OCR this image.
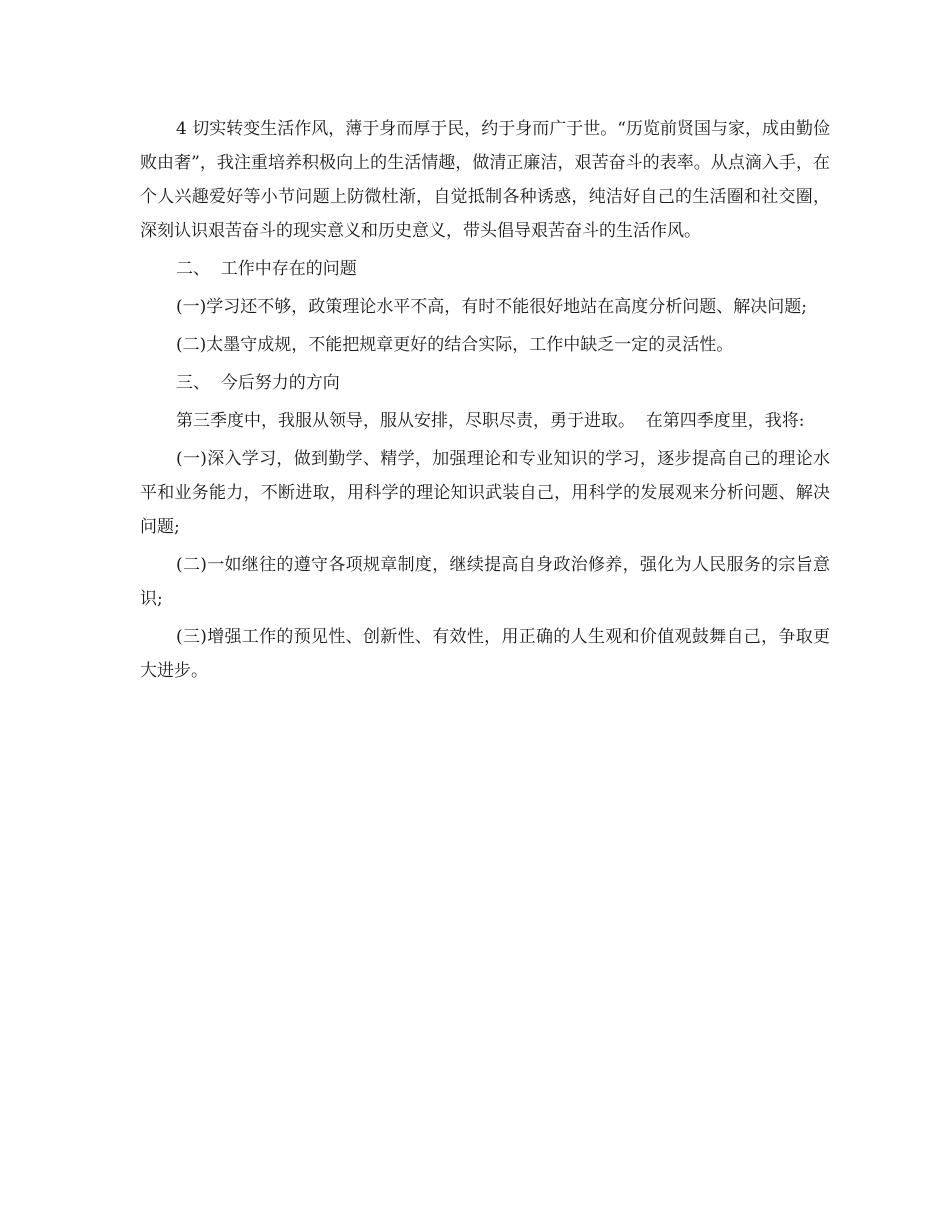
4 切实转变生活作风，薄于身而厚于民，约于身而广于世。“历览前贤国与家，成由勤俭败由奢”，我注重培养积极向上的生活情趣，做清正廉洁，艰苦奋斗的表率。从点滴入手，在个人兴趣爱好等小节问题上防微杜渐，自觉抵制各种诱惑，纯洁好自己的生活圈和社交圈，深刻认识艰苦奋斗的现实意义和历史意义，带头倡导艰苦奋斗的生活作风。

二、  工作中存在的问题

(一)学习还不够，政策理论水平不高，有时不能很好地站在高度分析问题、解决问题;

(二)太墨守成规，不能把规章更好的结合实际，工作中缺乏一定的灵活性。

三、  今后努力的方向

第三季度中，我服从领导，服从安排，尽职尽责，勇于进取。  在第四季度里，我将:

(一)深入学习，做到勤学、精学，加强理论和专业知识的学习，逐步提高自己的理论水平和业务能力，不断进取，用科学的理论知识武装自己，用科学的发展观来分析问题、解决问题;

(二)一如继往的遵守各项规章制度，继续提高自身政治修养，强化为人民服务的宗旨意识;

(三)增强工作的预见性、创新性、有效性，用正确的人生观和价值观鼓舞自己，争取更大进步。
